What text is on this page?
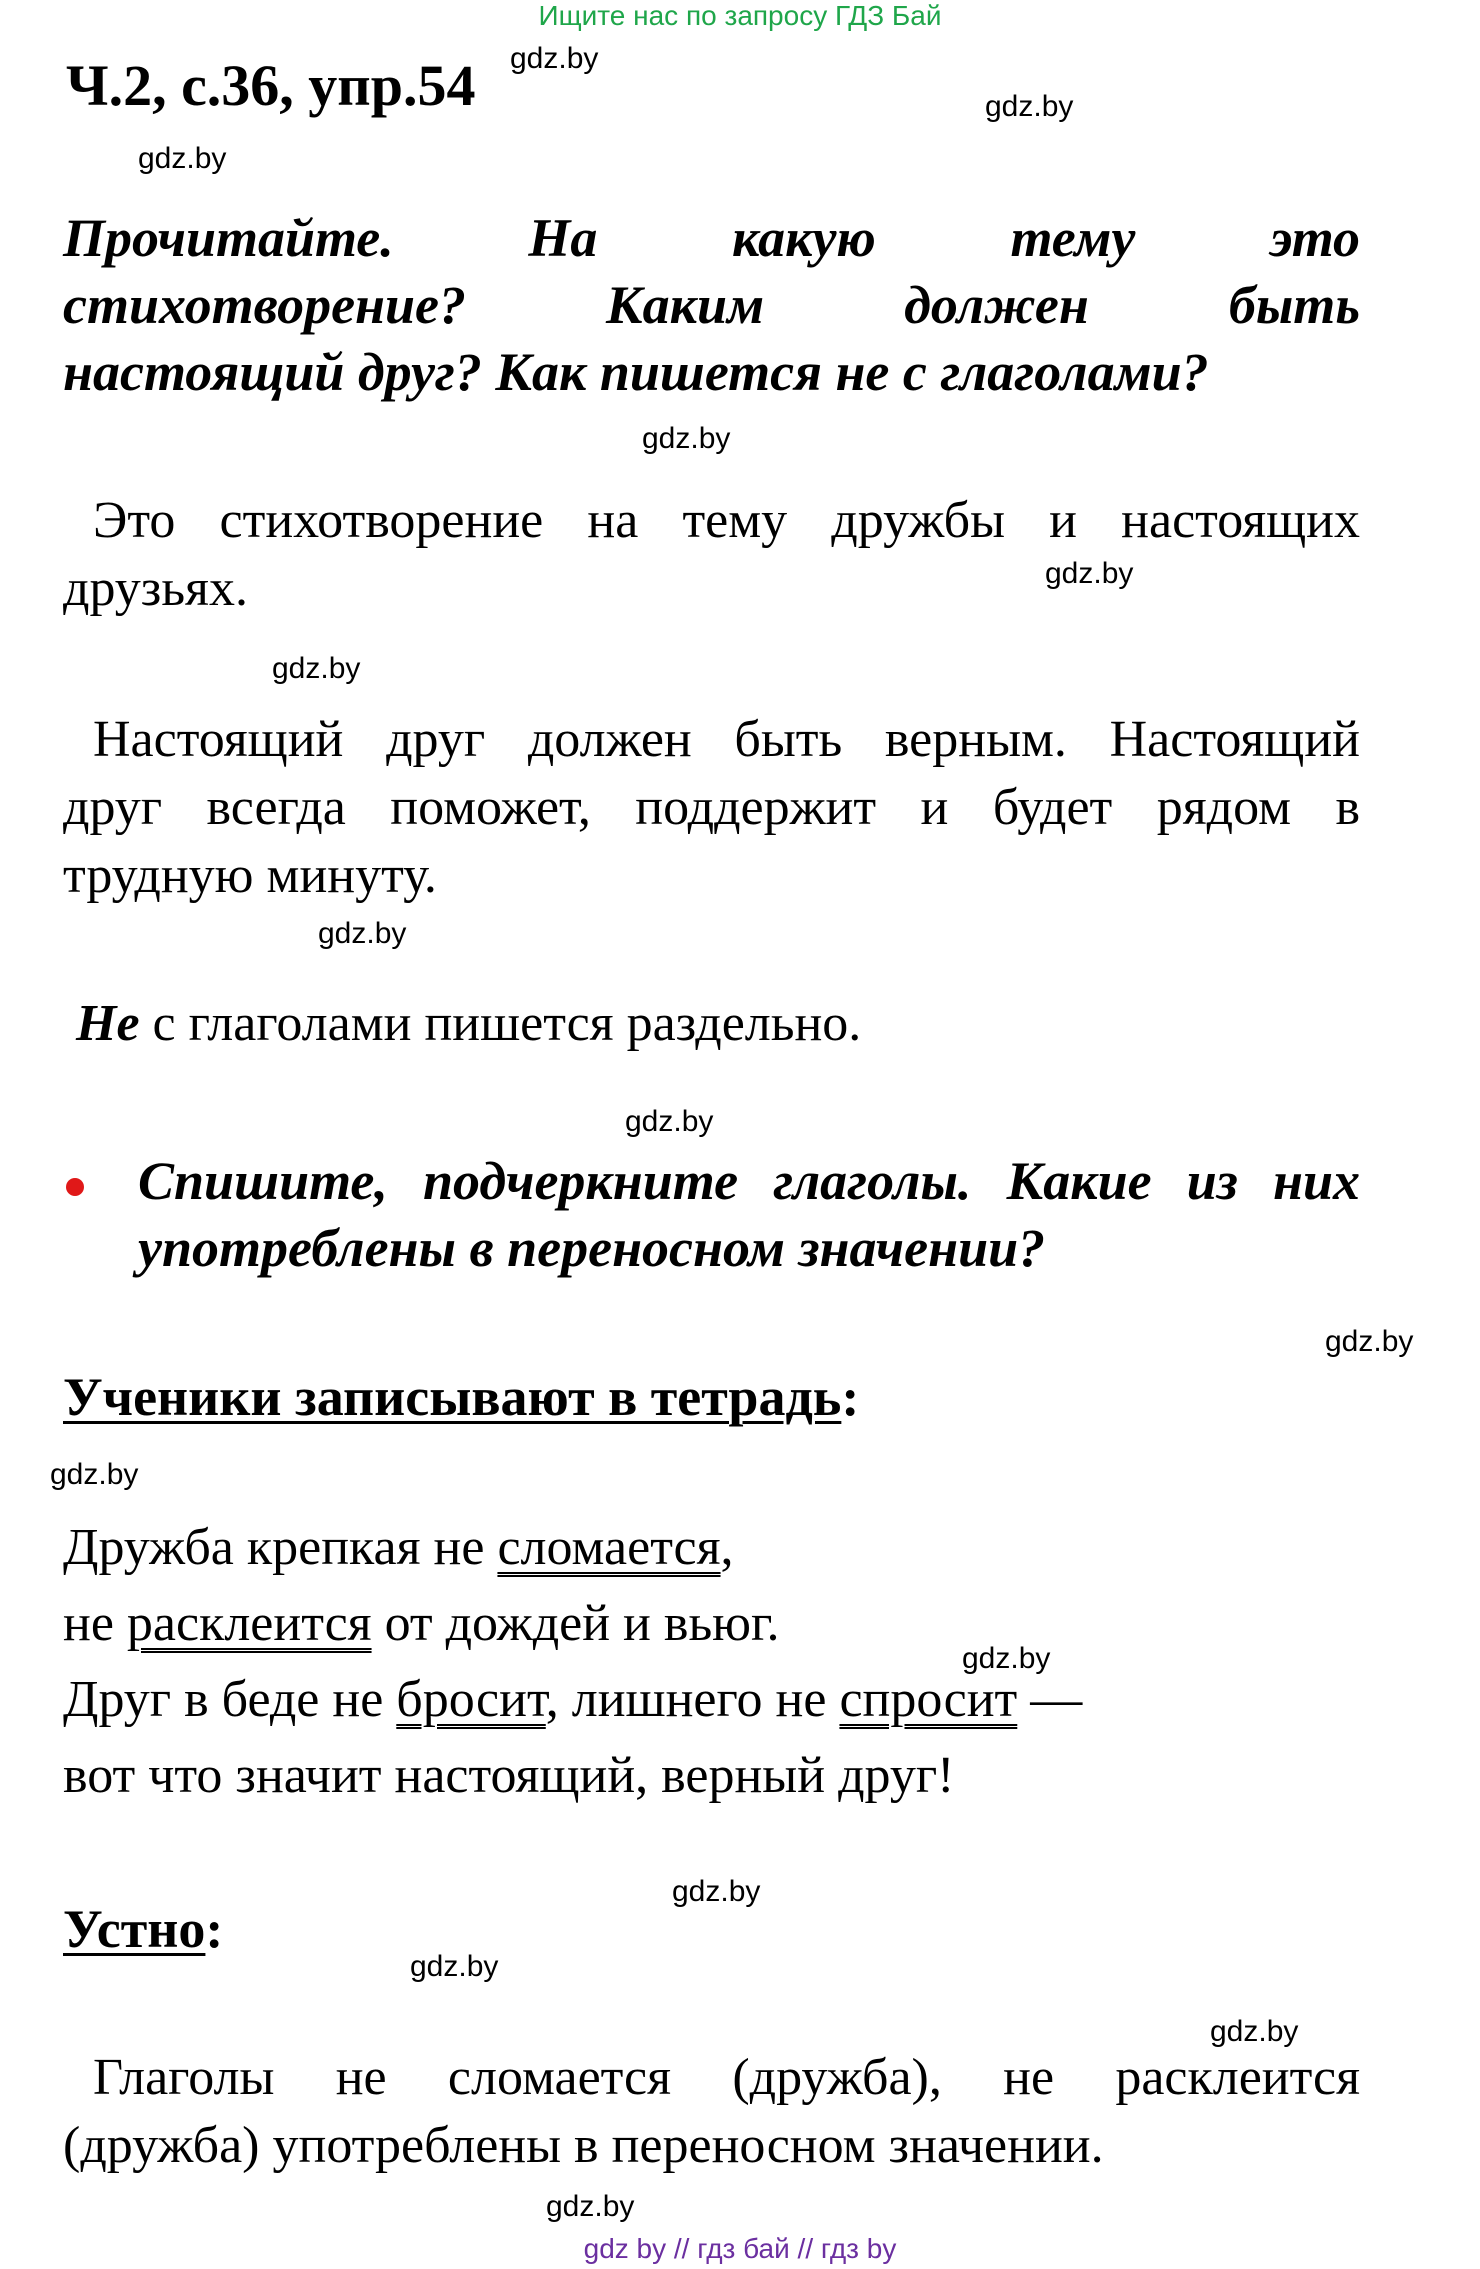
Ищите нас по запросу ГДЗ Бай
Ч.2, с.36, упр.54 gdz.by
gdz.by
gdz.by
Прочитайте. На какую тему это
стихотворение? Каким должен быть
настоящий друг? Как пишется не с глаголами?
gdz.by
Это стихотворение на тему дружбы и настоящих
друзьях.	gdz.by
gdz.by
Настоящий друг должен быть верным. Настоящий
друг всегда поможет, поддержит и будет рядом в
трудную минуту.
gdz.by
Не с глаголами пишется раздельно.
gdz.by
Спишите, подчеркните глаголы. Какие из них
употреблены в переносном значении?
gdz.by
Ученики записывают в тетрадь:
gdz.by
Дружба крепкая не сломается,
не расклеится от дождей и вьюг.
Друг в беде не бросит, лишнего не спросит —
вот что значит настоящий, верный друг!
gdz.by
gdz.by
Устно:
gdz.by
gdz.by
Глаголы не сломается (дружба), не расклеится
(дружба) употреблены в переносном значении.
gdz.by
gdz by // гдз бай // гдз by
